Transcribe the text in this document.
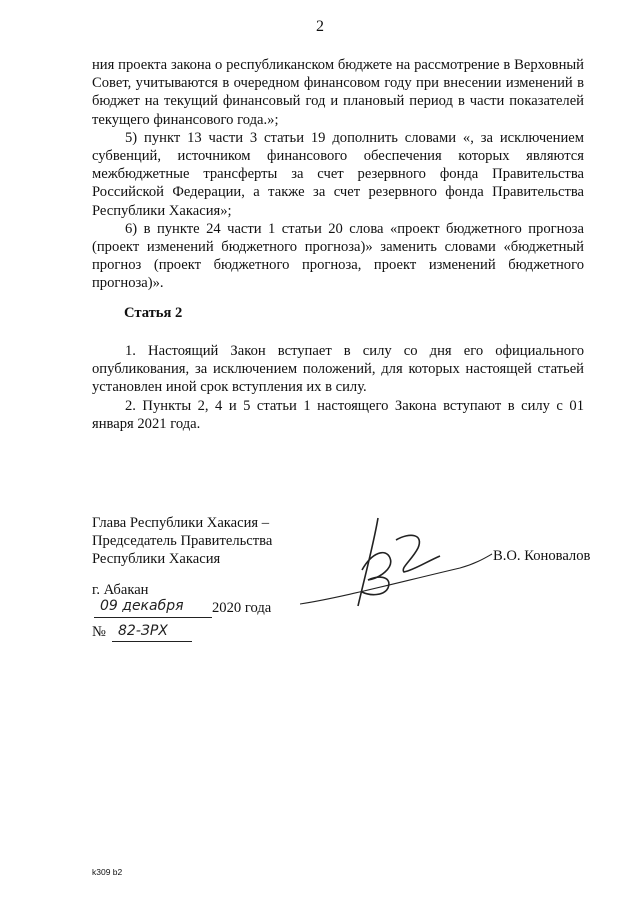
2

ния проекта закона о республиканском бюджете на рассмотрение в Верховный Совет, учитываются в очередном финансовом году при внесении изменений в бюджет на текущий финансовый год и плановый период в части показателей текущего финансового года.»;

5) пункт 13 части 3 статьи 19 дополнить словами «, за исключением субвенций, источником финансового обеспечения которых являются межбюджетные трансферты за счет резервного фонда Правительства Российской Федерации, а также за счет резервного фонда Правительства Республики Хакасия»;

6) в пункте 24 части 1 статьи 20 слова «проект бюджетного прогноза (проект изменений бюджетного прогноза)» заменить словами «бюджетный прогноз (проект бюджетного прогноза, проект изменений бюджетного прогноза)».

Статья 2

1. Настоящий Закон вступает в силу со дня его официального опубликования, за исключением положений, для которых настоящей статьей установлен иной срок вступления их в силу.

2. Пункты 2, 4 и 5 статьи 1 настоящего Закона вступают в силу с 01 января 2021 года.

Глава Республики Хакасия –
Председатель Правительства
Республики Хакасия	В.О. Коновалов
г. Абакан
2020 года
09 декабря
№ 82-ЗРХ
k309 b2
